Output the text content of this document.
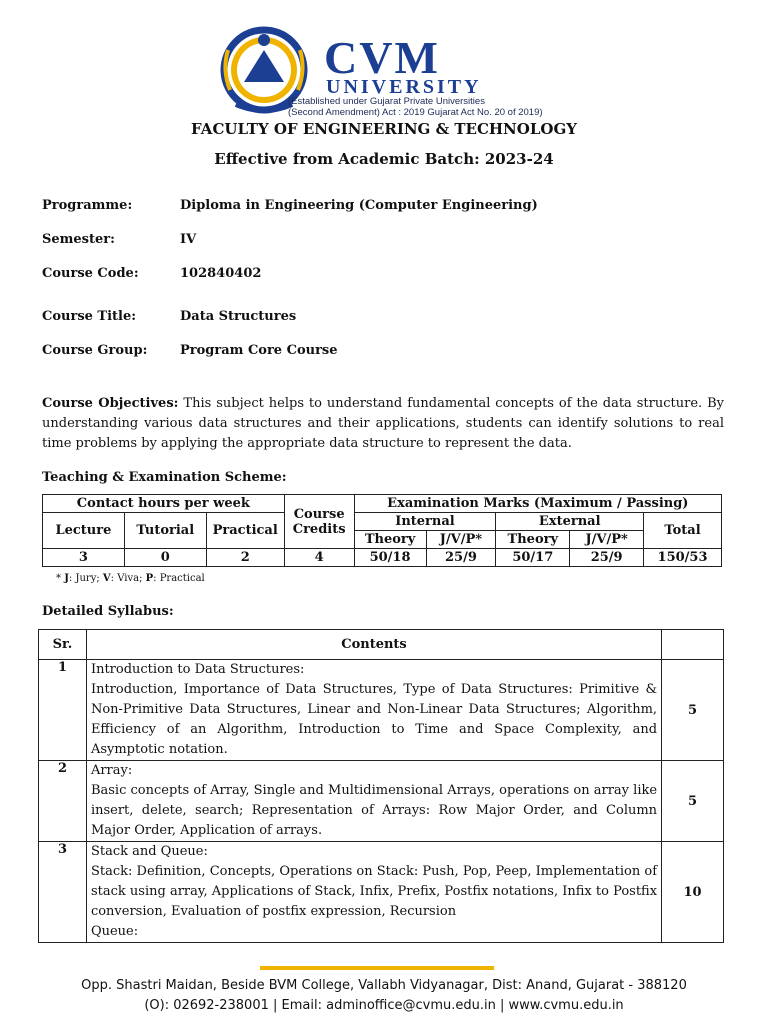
CVM
UNIVERSITY
(Established under Gujarat Private Universities
(Second Amendment) Act : 2019 Gujarat Act No. 20 of 2019)
FACULTY OF ENGINEERING & TECHNOLOGY
Effective from Academic Batch: 2023-24
Programme:	Diploma in Engineering (Computer Engineering)
Semester:	IV
Course Code:	102840402
Course Title:	Data Structures
Course Group:	Program Core Course
Course Objectives: This subject helps to understand fundamental concepts of the data structure. By understanding various data structures and their applications, students can identify solutions to real time problems by applying the appropriate data structure to represent the data.
Teaching & Examination Scheme:
Contact hours per week			Course Credits	Examination Marks (Maximum / Passing)				
Lecture	Tutorial	Practical		Internal		External		Total
				Theory	J/V/P*	Theory	J/V/P*	
3	0	2	4	50/18	25/9	50/17	25/9	150/53
* J: Jury; V: Viva; P: Practical
Detailed Syllabus:
Sr.	Contents	
1	Introduction to Data Structures:
Introduction, Importance of Data Structures, Type of Data Structures: Primitive & Non-Primitive Data Structures, Linear and Non-Linear Data Structures; Algorithm, Efficiency of an Algorithm, Introduction to Time and Space Complexity, and Asymptotic notation.	5
2	Array:
Basic concepts of Array, Single and Multidimensional Arrays, operations on array like insert, delete, search; Representation of Arrays: Row Major Order, and Column Major Order, Application of arrays.	5
3	Stack and Queue:
Stack: Definition, Concepts, Operations on Stack: Push, Pop, Peep, Implementation of stack using array, Applications of Stack, Infix, Prefix, Postfix notations, Infix to Postfix conversion, Evaluation of postfix expression, Recursion
Queue:	10
Opp. Shastri Maidan, Beside BVM College, Vallabh Vidyanagar, Dist: Anand, Gujarat - 388120
(O): 02692-238001 | Email: adminoffice@cvmu.edu.in | www.cvmu.edu.in
